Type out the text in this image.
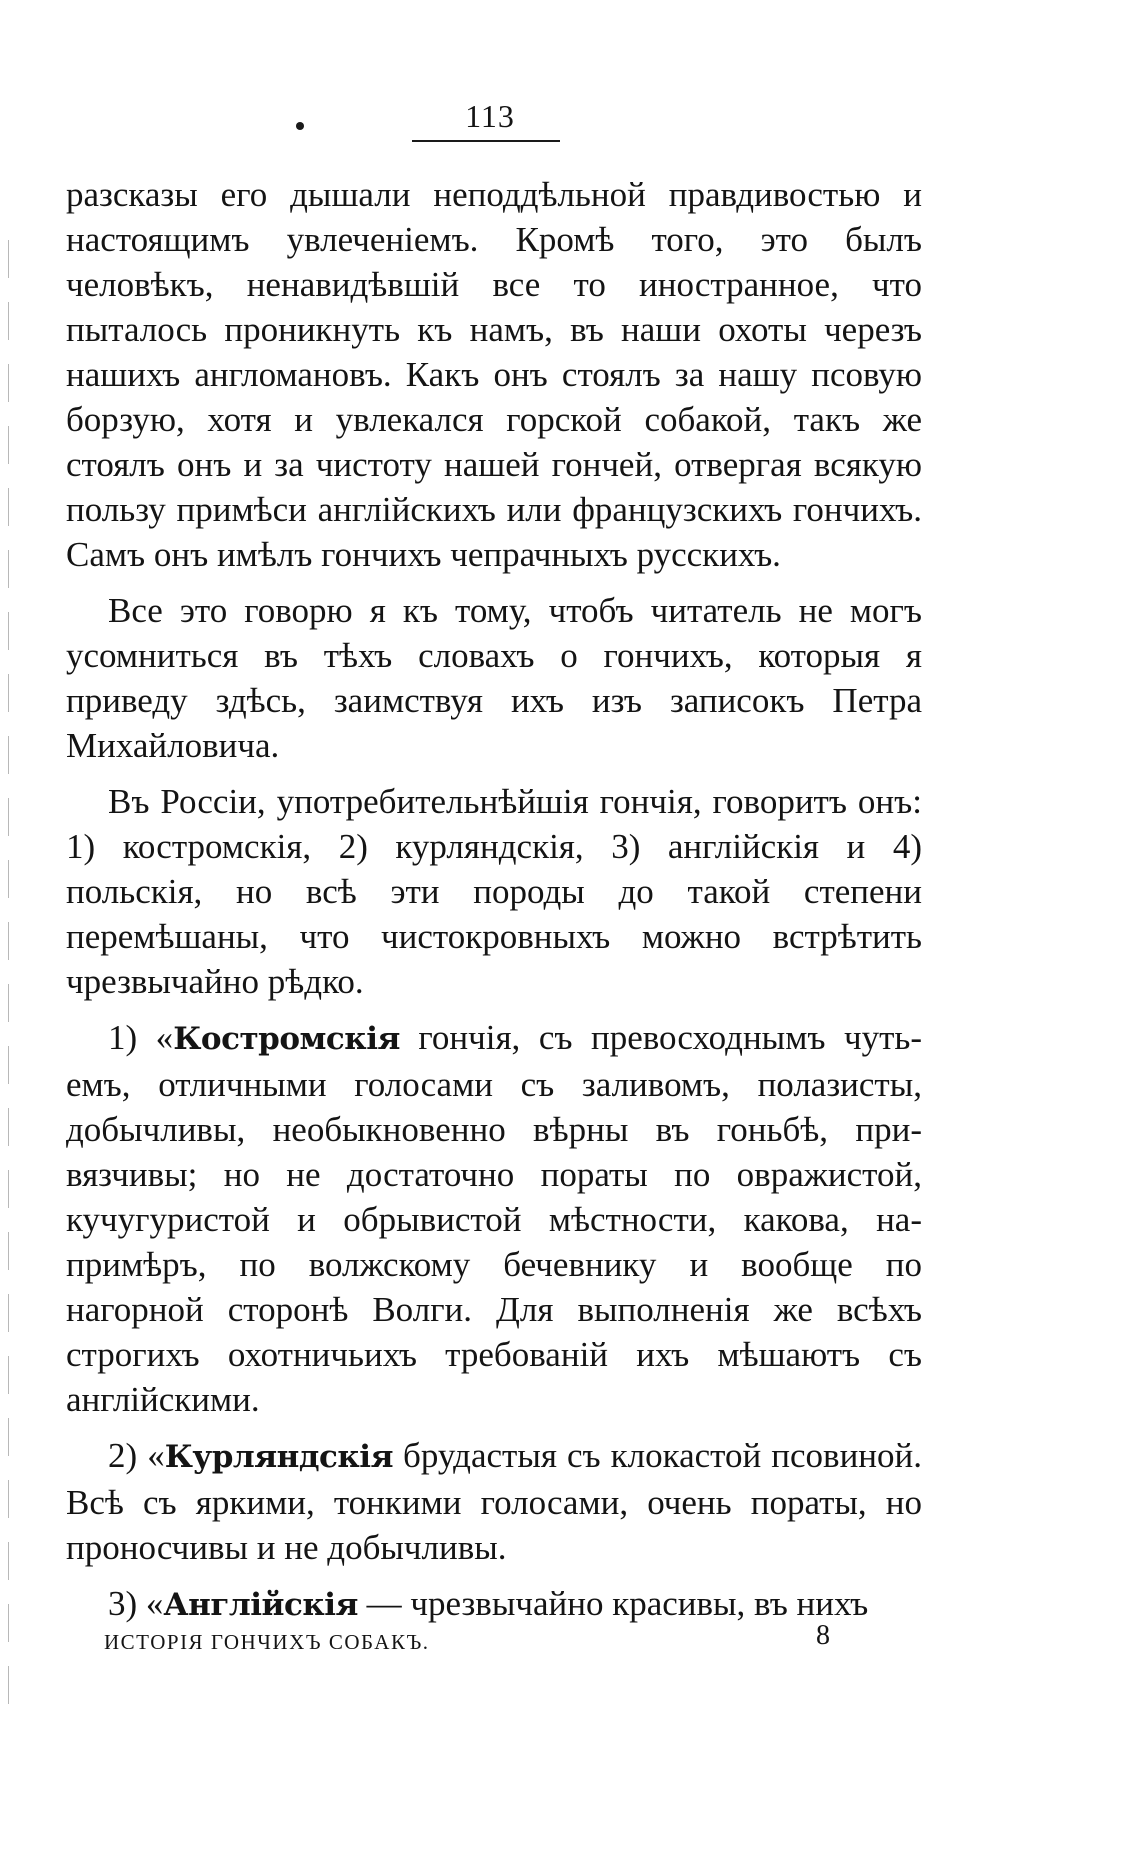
113

разсказы его дышали неподдѣльной правдивостью и настоящимъ увлеченіемъ. Кромѣ того, это былъ человѣкъ, ненавидѣвшій все то иностранное, что пыталось проникнуть къ намъ, въ наши охоты черезъ нашихъ англомановъ. Какъ онъ стоялъ за нашу псовую борзую, хотя и увлекался горской собакой, такъ же стоялъ онъ и за чистоту нашей гончей, отвергая всякую пользу примѣси англійскихъ или французскихъ гончихъ. Самъ онъ имѣлъ гончихъ чепрачныхъ русскихъ.

Все это говорю я къ тому, чтобъ читатель не могъ усомниться въ тѣхъ словахъ о гончихъ, которыя я приведу здѣсь, заимствуя ихъ изъ записокъ Петра Михайловича.

Въ Россіи, употребительнѣйшія гончія, говоритъ онъ: 1) костромскія, 2) курляндскія, 3) англійскія и 4) польскія, но всѣ эти породы до такой степени перемѣшаны, что чистокровныхъ можно встрѣтить чрезвычайно рѣдко.

1) «Костромскія гончія, съ превосходнымъ чутьемъ, отличными голосами съ заливомъ, полазисты, добычливы, необыкновенно вѣрны въ гоньбѣ, привязчивы; но не достаточно пораты по овражистой, кучугуристой и обрывистой мѣстности, какова, напримѣръ, по волжскому бечевнику и вообще по нагорной сторонѣ Волги. Для выполненія же всѣхъ строгихъ охотничьихъ требованій ихъ мѣшаютъ съ англійскими.

2) «Курляндскія брудастыя съ клокастой псовиной. Всѣ съ яркими, тонкими голосами, очень пораты, но проносчивы и не добычливы.

3) «Англійскія — чрезвычайно красивы, въ нихъ

ИСТОРІЯ ГОНЧИХЪ СОБАКЪ.	8
